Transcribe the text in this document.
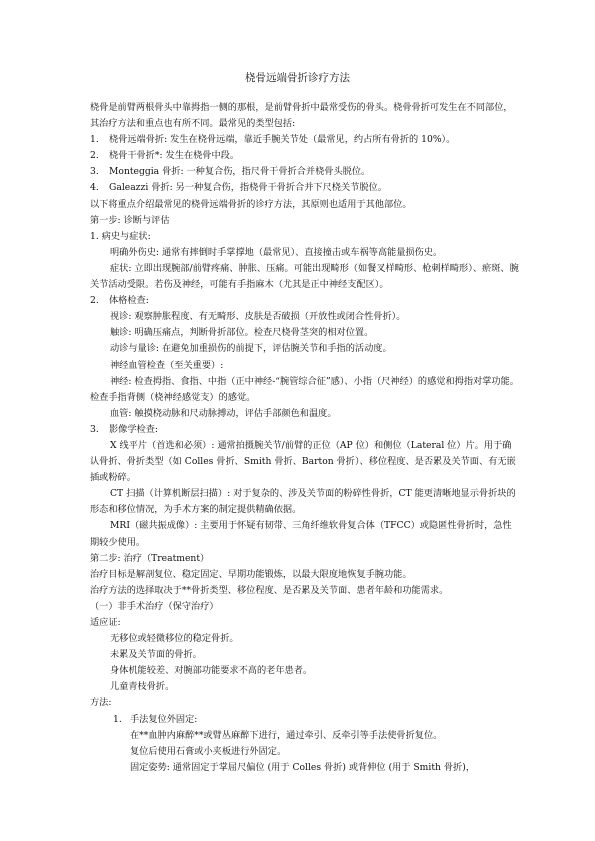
桡骨远端骨折诊疗方法
桡骨是前臂两根骨头中靠拇指一侧的那根，是前臂骨折中最常受伤的骨头。桡骨骨折可发生在不同部位，其治疗方法和重点也有所不同。最常见的类型包括:
1.	桡骨远端骨折: 发生在桡骨远端，靠近手腕关节处（最常见，约占所有骨折的 10%）。
2.	桡骨干骨折*: 发生在桡骨中段。
3.	Monteggia 骨折: 一种复合伤，指尺骨干骨折合并桡骨头脱位。
4.	Galeazzi 骨折: 另一种复合伤，指桡骨干骨折合并下尺桡关节脱位。
以下将重点介绍最常见的桡骨远端骨折的诊疗方法，其原则也适用于其他部位。
第一步: 诊断与评估
1. 病史与症状:
明确外伤史: 通常有摔倒时手掌撑地（最常见）、直接撞击或车祸等高能量损伤史。
症状: 立即出现腕部/前臂疼痛、肿胀、压痛。可能出现畸形（如餐叉样畸形、枪刺样畸形）、瘀斑、腕关节活动受限。若伤及神经，可能有手指麻木（尤其是正中神经支配区）。
2.	体格检查:
视诊: 观察肿胀程度、有无畸形、皮肤是否破损（开放性或闭合性骨折）。
触诊: 明确压痛点，判断骨折部位。检查尺桡骨茎突的相对位置。
动诊与量诊: 在避免加重损伤的前提下，评估腕关节和手指的活动度。
神经血管检查（至关重要）:
神经: 检查拇指、食指、中指（正中神经-“腕管综合征”感）、小指（尺神经）的感觉和拇指对掌功能。检查手指背侧（桡神经感觉支）的感觉。
血管: 触摸桡动脉和尺动脉搏动，评估手部颜色和温度。
3.	影像学检查:
X 线平片（首选和必须）: 通常拍摄腕关节/前臂的正位（AP 位）和侧位（Lateral 位）片。用于确认骨折、骨折类型（如 Colles 骨折、Smith 骨折、Barton 骨折）、移位程度、是否累及关节面、有无嵌插或粉碎。
CT 扫描（计算机断层扫描）: 对于复杂的、涉及关节面的粉碎性骨折，CT 能更清晰地显示骨折块的形态和移位情况，为手术方案的制定提供精确依据。
MRI（磁共振成像）: 主要用于怀疑有韧带、三角纤维软骨复合体（TFCC）或隐匿性骨折时，急性期较少使用。
第二步: 治疗（Treatment）
治疗目标是解剖复位、稳定固定、早期功能锻炼，以最大限度地恢复手腕功能。
治疗方法的选择取决于**骨折类型、移位程度、是否累及关节面、患者年龄和功能需求。
（一）非手术治疗（保守治疗）
适应证:
无移位或轻微移位的稳定骨折。
未累及关节面的骨折。
身体机能较差、对腕部功能要求不高的老年患者。
儿童青枝骨折。
方法:
1. 手法复位外固定:
在**血肿内麻醉**或臂丛麻醉下进行，通过牵引、反牵引等手法使骨折复位。
复位后使用石膏或小夹板进行外固定。
固定姿势: 通常固定于掌屈尺偏位 (用于 Colles 骨折) 或背伸位 (用于 Smith 骨折)，
